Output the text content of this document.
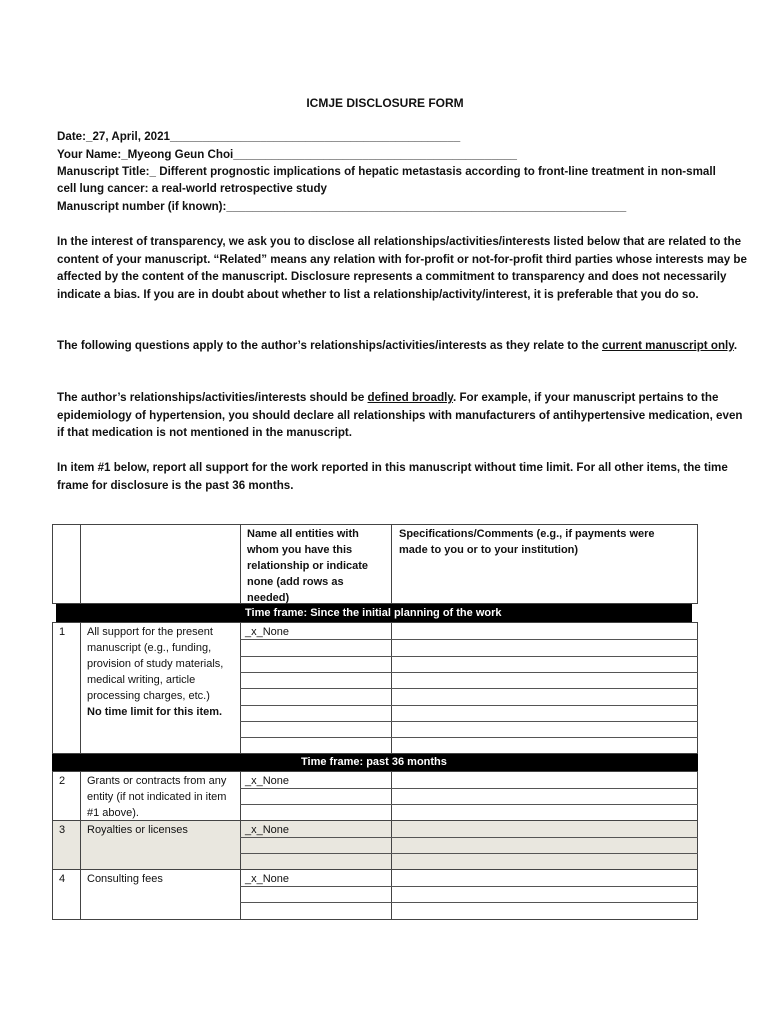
ICMJE DISCLOSURE FORM
Date:_27, April, 2021_____________________________________________
Your Name:_Myeong Geun Choi____________________________________________
Manuscript Title:_ Different prognostic implications of hepatic metastasis according to front-line treatment in non-small
cell lung cancer: a real-world retrospective study
Manuscript number (if known):______________________________________________________________

In the interest of transparency, we ask you to disclose all relationships/activities/interests listed below that are related to the content of your manuscript. “Related” means any relation with for-profit or not-for-profit third parties whose interests may be affected by the content of the manuscript. Disclosure represents a commitment to transparency and does not necessarily indicate a bias. If you are in doubt about whether to list a relationship/activity/interest, it is preferable that you do so.

The following questions apply to the author’s relationships/activities/interests as they relate to the current manuscript only.

The author’s relationships/activities/interests should be defined broadly. For example, if your manuscript pertains to the epidemiology of hypertension, you should declare all relationships with manufacturers of antihypertensive medication, even if that medication is not mentioned in the manuscript.

In item #1 below, report all support for the work reported in this manuscript without time limit. For all other items, the time frame for disclosure is the past 36 months.

Name all entities with whom you have this relationship or indicate none (add rows as needed)
Specifications/Comments (e.g., if payments were made to you or to your institution)
Time frame: Since the initial planning of the work
1 All support for the present manuscript (e.g., funding, provision of study materials, medical writing, article processing charges, etc.)
No time limit for this item.
_x_None
Time frame: past 36 months
2 Grants or contracts from any entity (if not indicated in item #1 above).
_x_None
3 Royalties or licenses	_x_None
4 Consulting fees	_x_None
